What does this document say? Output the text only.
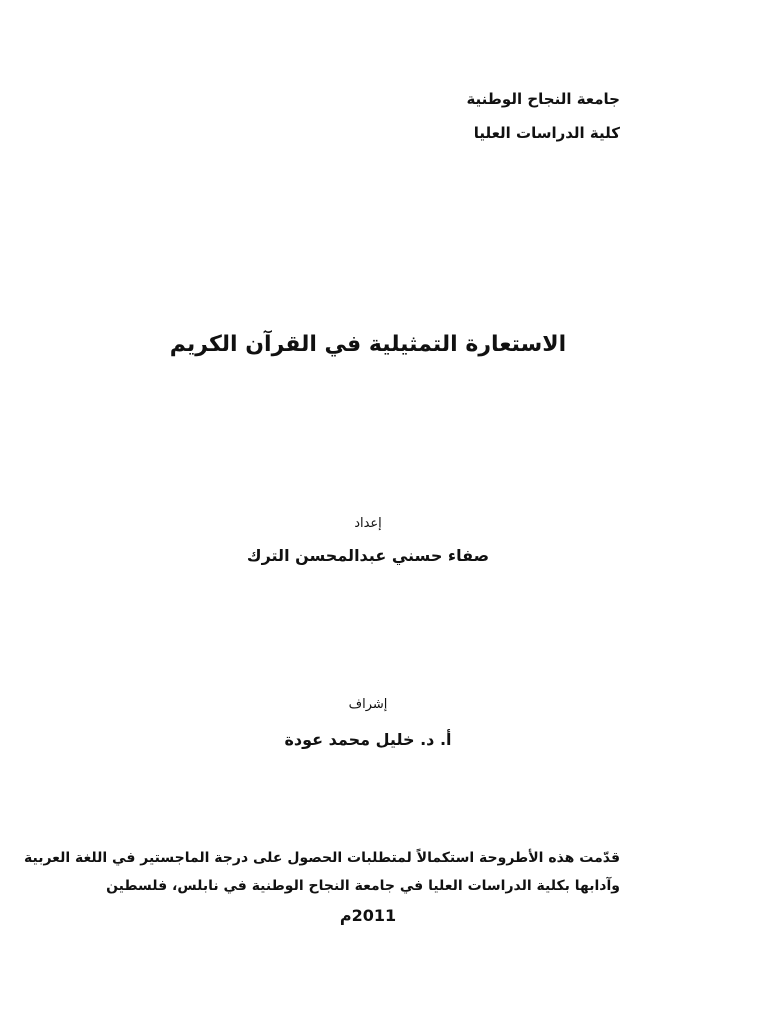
جامعة النجاح الوطنية
كلية الدراسات العليا
الاستعارة التمثيلية في القرآن الكريم
إعداد
صفاء حسني عبدالمحسن الترك
إشراف
أ. د. خليل محمد عودة
قدّمت هذه الأطروحة استكمالاً لمتطلبات الحصول على درجة الماجستير في اللغة العربية
وآدابها بكلية الدراسات العليا في جامعة النجاح الوطنية في نابلس، فلسطين
2011م
